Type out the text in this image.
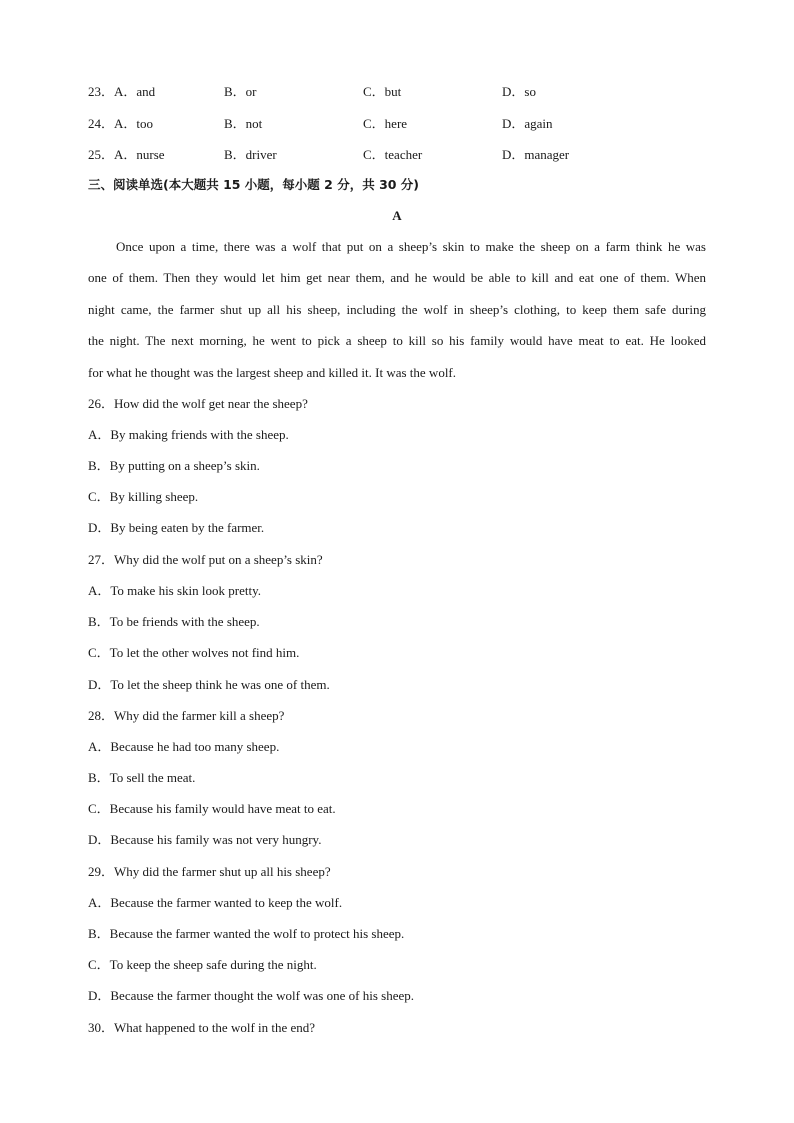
23．A．and	B．or	C．but	D．so
24．A．too	B．not	C．here	D．again
25．A．nurse	B．driver	C．teacher	D．manager
三、阅读单选(本大题共 15 小题，每小题 2 分，共 30 分)
A
Once upon a time, there was a wolf that put on a sheep’s skin to make the sheep on a farm think he was
one of them. Then they would let him get near them, and he would be able to kill and eat one of them. When
night came, the farmer shut up all his sheep, including the wolf in sheep’s clothing, to keep them safe during
the night. The next morning, he went to pick a sheep to kill so his family would have meat to eat. He looked
for what he thought was the largest sheep and killed it. It was the wolf.
26．How did the wolf get near the sheep?
A．By making friends with the sheep.
B．By putting on a sheep’s skin.
C．By killing sheep.
D．By being eaten by the farmer.
27．Why did the wolf put on a sheep’s skin?
A．To make his skin look pretty.
B．To be friends with the sheep.
C．To let the other wolves not find him.
D．To let the sheep think he was one of them.
28．Why did the farmer kill a sheep?
A．Because he had too many sheep.
B．To sell the meat.
C．Because his family would have meat to eat.
D．Because his family was not very hungry.
29．Why did the farmer shut up all his sheep?
A．Because the farmer wanted to keep the wolf.
B．Because the farmer wanted the wolf to protect his sheep.
C．To keep the sheep safe during the night.
D．Because the farmer thought the wolf was one of his sheep.
30．What happened to the wolf in the end?
